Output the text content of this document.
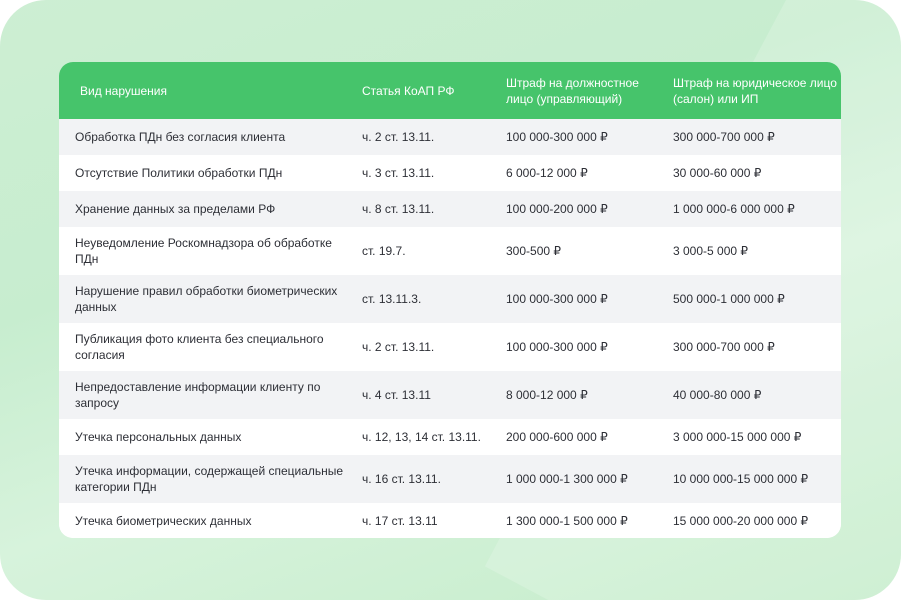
Вид нарушения	Статья КоАП РФ	Штраф на должностное лицо (управляющий)	Штраф на юридическое лицо (салон) или ИП
Обработка ПДн без согласия клиента	ч. 2 ст. 13.11.	100 000-300 000 ₽	300 000-700 000 ₽
Отсутствие Политики обработки ПДн	ч. 3 ст. 13.11.	6 000-12 000 ₽	30 000-60 000 ₽
Хранение данных за пределами РФ	ч. 8 ст. 13.11.	100 000-200 000 ₽	1 000 000-6 000 000 ₽
Неуведомление Роскомнадзора об обработке ПДн	ст. 19.7.	300-500 ₽	3 000-5 000 ₽
Нарушение правил обработки биометрических данных	ст. 13.11.3.	100 000-300 000 ₽	500 000-1 000 000 ₽
Публикация фото клиента без специального согласия	ч. 2 ст. 13.11.	100 000-300 000 ₽	300 000-700 000 ₽
Непредоставление информации клиенту по запросу	ч. 4 ст. 13.11	8 000-12 000 ₽	40 000-80 000 ₽
Утечка персональных данных	ч. 12, 13, 14 ст. 13.11.	200 000-600 000 ₽	3 000 000-15 000 000 ₽
Утечка информации, содержащей специальные категории ПДн	ч. 16 ст. 13.11.	1 000 000-1 300 000 ₽	10 000 000-15 000 000 ₽
Утечка биометрических данных	ч. 17 ст. 13.11	1 300 000-1 500 000 ₽	15 000 000-20 000 000 ₽
